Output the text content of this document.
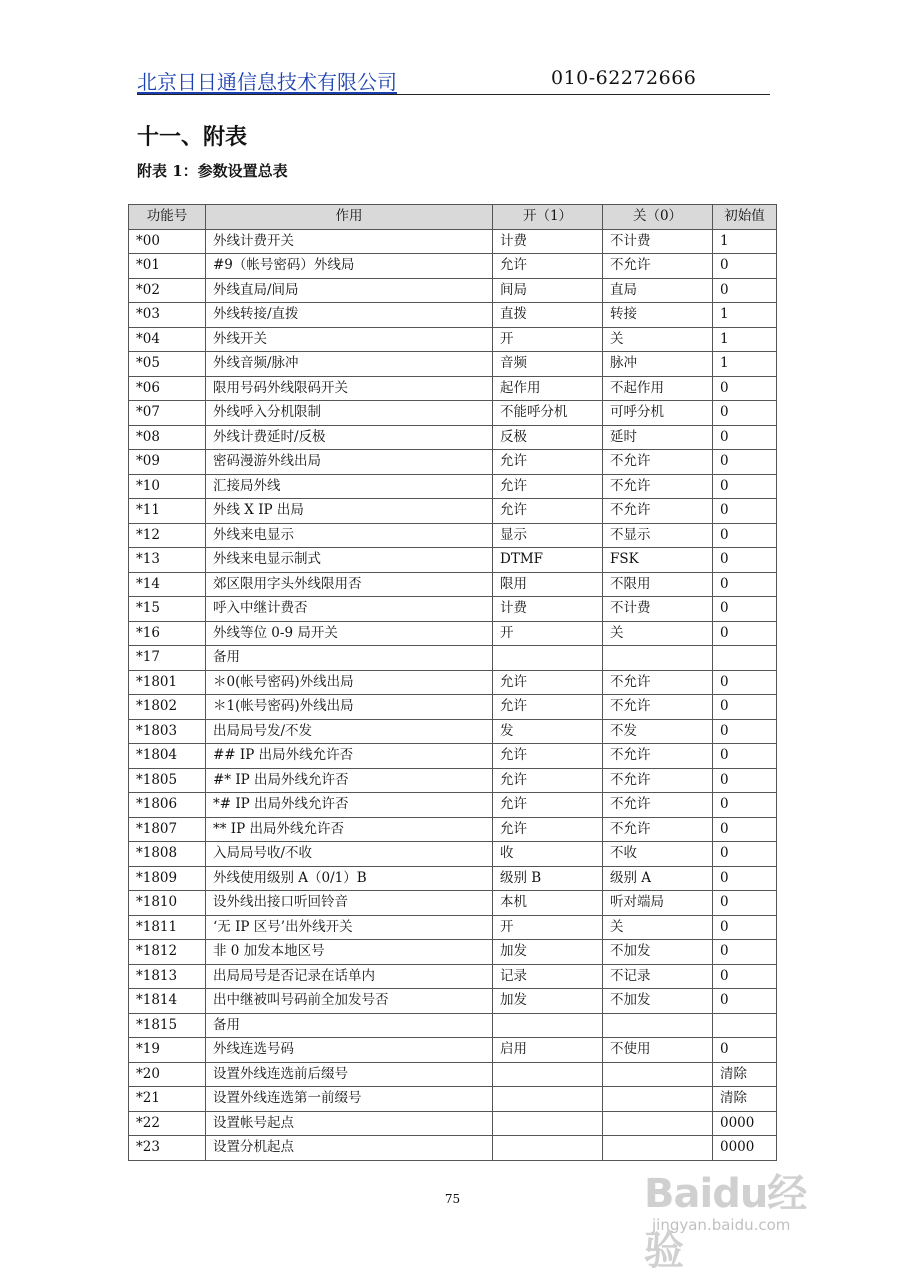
北京日日通信息技术有限公司	010-62272666
十一、附表
附表 1：参数设置总表
功能号	作用	开（1）	关（0）	初始值
*00	外线计费开关	计费	不计费	1
*01	#9（帐号密码）外线局	允许	不允许	0
*02	外线直局/间局	间局	直局	0
*03	外线转接/直拨	直拨	转接	1
*04	外线开关	开	关	1
*05	外线音频/脉冲	音频	脉冲	1
*06	限用号码外线限码开关	起作用	不起作用	0
*07	外线呼入分机限制	不能呼分机	可呼分机	0
*08	外线计费延时/反极	反极	延时	0
*09	密码漫游外线出局	允许	不允许	0
*10	汇接局外线	允许	不允许	0
*11	外线 X IP 出局	允许	不允许	0
*12	外线来电显示	显示	不显示	0
*13	外线来电显示制式	DTMF	FSK	0
*14	郊区限用字头外线限用否	限用	不限用	0
*15	呼入中继计费否	计费	不计费	0
*16	外线等位 0-9 局开关	开	关	0
*17	备用			
*1801	＊0(帐号密码)外线出局	允许	不允许	0
*1802	＊1(帐号密码)外线出局	允许	不允许	0
*1803	出局局号发/不发	发	不发	0
*1804	## IP 出局外线允许否	允许	不允许	0
*1805	#* IP 出局外线允许否	允许	不允许	0
*1806	*# IP 出局外线允许否	允许	不允许	0
*1807	** IP 出局外线允许否	允许	不允许	0
*1808	入局局号收/不收	收	不收	0
*1809	外线使用级别 A（0/1）B	级别 B	级别 A	0
*1810	设外线出接口听回铃音	本机	听对端局	0
*1811	‘无 IP 区号’出外线开关	开	关	0
*1812	非 0 加发本地区号	加发	不加发	0
*1813	出局局号是否记录在话单内	记录	不记录	0
*1814	出中继被叫号码前全加发号否	加发	不加发	0
*1815	备用			
*19	外线连选号码	启用	不使用	0
*20	设置外线连选前后缀号			清除
*21	设置外线连选第一前缀号			清除
*22	设置帐号起点			0000
*23	设置分机起点			0000
75	Baidu经验
jingyan.baidu.com
